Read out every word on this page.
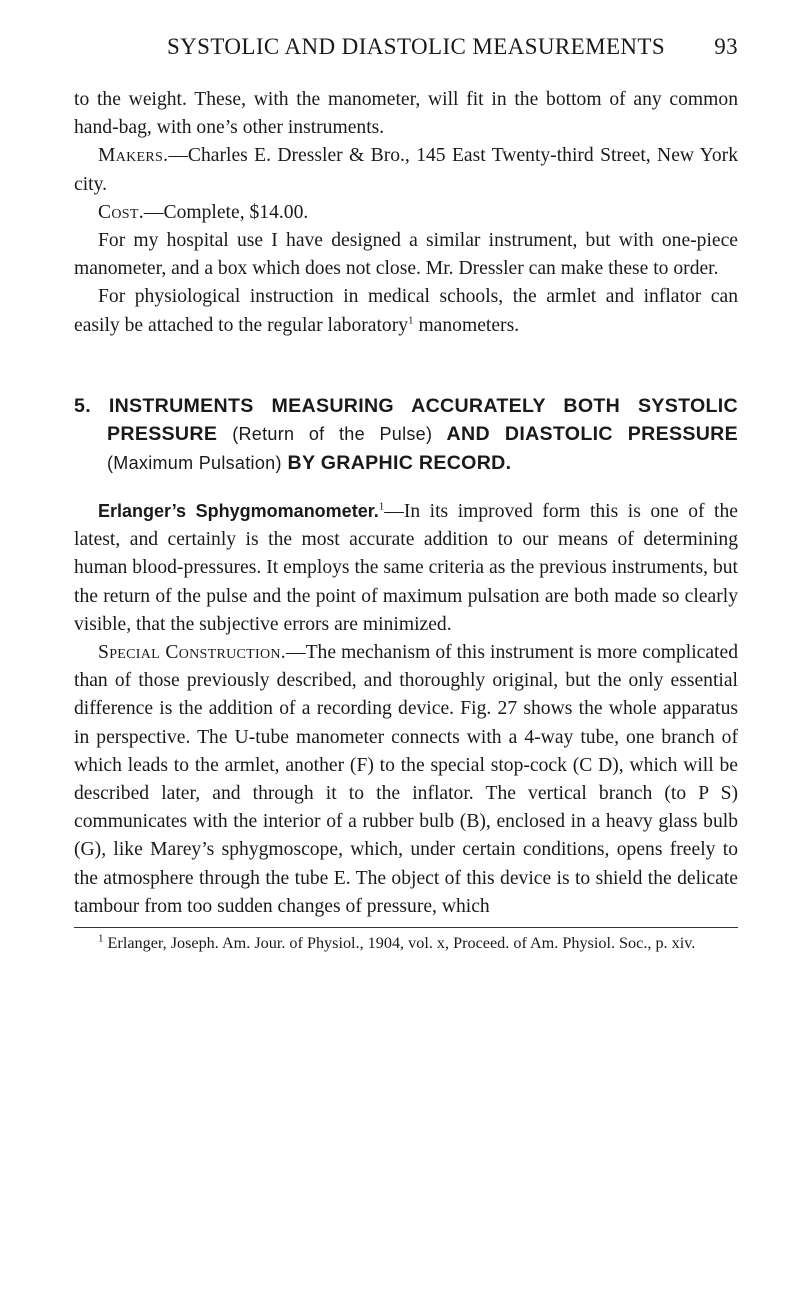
SYSTOLIC AND DIASTOLIC MEASUREMENTS 93

to the weight. These, with the manometer, will fit in the bottom of any common hand-bag, with one’s other instruments.

Makers.—Charles E. Dressler & Bro., 145 East Twenty-third Street, New York city.

Cost.—Complete, $14.00.

For my hospital use I have designed a similar instrument, but with one-piece manometer, and a box which does not close. Mr. Dressler can make these to order.

For physiological instruction in medical schools, the armlet and inflator can easily be attached to the regular laboratory$^1$ manometers.

5. INSTRUMENTS MEASURING ACCURATELY BOTH SYSTOLIC PRESSURE (Return of the Pulse) AND DIASTOLIC PRESSURE (Maximum Pulsation) BY GRAPHIC RECORD.

Erlanger’s Sphygmomanometer.$^1$—In its improved form this is one of the latest, and certainly is the most accurate addition to our means of determining human blood-pressures. It employs the same criteria as the previous instruments, but the return of the pulse and the point of maximum pulsation are both made so clearly visible, that the subjective errors are minimized.

Special Construction.—The mechanism of this instrument is more complicated than of those previously described, and thoroughly original, but the only essential difference is the addition of a recording device. Fig. 27 shows the whole apparatus in perspective. The U-tube manometer connects with a 4-way tube, one branch of which leads to the armlet, another (F) to the special stop-cock (C D), which will be described later, and through it to the inflator. The vertical branch (to P S) communicates with the interior of a rubber bulb (B), enclosed in a heavy glass bulb (G), like Marey’s sphygmoscope, which, under certain conditions, opens freely to the atmosphere through the tube E. The object of this device is to shield the delicate tambour from too sudden changes of pressure, which

$^1$ Erlanger, Joseph. Am. Jour. of Physiol., 1904, vol. x, Proceed. of Am. Physiol. Soc., p. xiv.
